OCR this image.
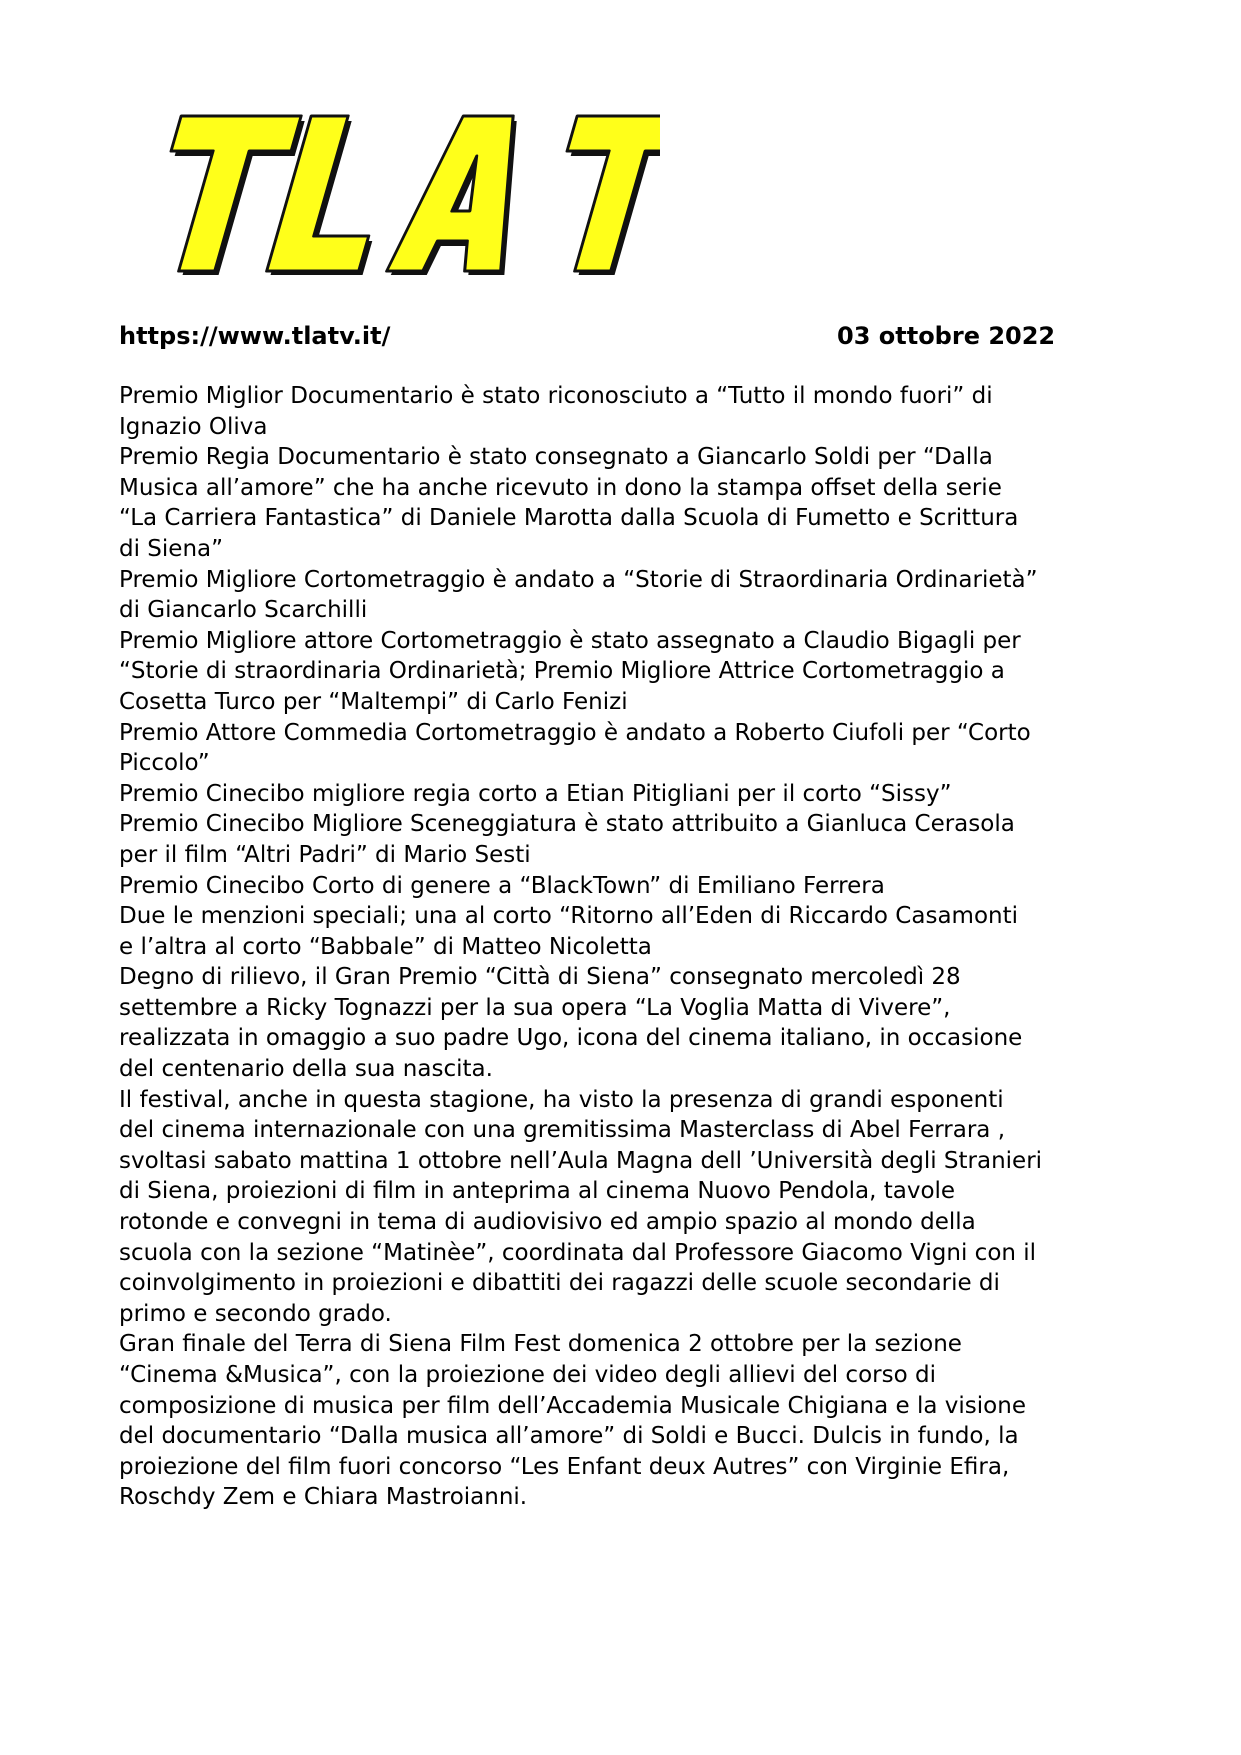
https://www.tlatv.it/	03 ottobre 2022
Premio Miglior Documentario è stato riconosciuto a “Tutto il mondo fuori” di
Ignazio Oliva
Premio Regia Documentario è stato consegnato a Giancarlo Soldi per “Dalla
Musica all’amore” che ha anche ricevuto in dono la stampa offset della serie
“La Carriera Fantastica” di Daniele Marotta dalla Scuola di Fumetto e Scrittura
di Siena”
Premio Migliore Cortometraggio è andato a “Storie di Straordinaria Ordinarietà”
di Giancarlo Scarchilli
Premio Migliore attore Cortometraggio è stato assegnato a Claudio Bigagli per
“Storie di straordinaria Ordinarietà; Premio Migliore Attrice Cortometraggio a
Cosetta Turco per “Maltempi” di Carlo Fenizi
Premio Attore Commedia Cortometraggio è andato a Roberto Ciufoli per “Corto
Piccolo”
Premio Cinecibo migliore regia corto a Etian Pitigliani per il corto “Sissy”
Premio Cinecibo Migliore Sceneggiatura è stato attribuito a Gianluca Cerasola
per il film “Altri Padri” di Mario Sesti
Premio Cinecibo Corto di genere a “BlackTown” di Emiliano Ferrera
Due le menzioni speciali; una al corto “Ritorno all’Eden di Riccardo Casamonti
e l’altra al corto “Babbale” di Matteo Nicoletta
Degno di rilievo, il Gran Premio “Città di Siena” consegnato mercoledì 28
settembre a Ricky Tognazzi per la sua opera “La Voglia Matta di Vivere”,
realizzata in omaggio a suo padre Ugo, icona del cinema italiano, in occasione
del centenario della sua nascita.
Il festival, anche in questa stagione, ha visto la presenza di grandi esponenti
del cinema internazionale con una gremitissima Masterclass di Abel Ferrara ,
svoltasi sabato mattina 1 ottobre nell’Aula Magna dell ’Università degli Stranieri
di Siena, proiezioni di film in anteprima al cinema Nuovo Pendola, tavole
rotonde e convegni in tema di audiovisivo ed ampio spazio al mondo della
scuola con la sezione “Matinèe”, coordinata dal Professore Giacomo Vigni con il
coinvolgimento in proiezioni e dibattiti dei ragazzi delle scuole secondarie di
primo e secondo grado.
Gran finale del Terra di Siena Film Fest domenica 2 ottobre per la sezione
“Cinema &Musica”, con la proiezione dei video degli allievi del corso di
composizione di musica per film dell’Accademia Musicale Chigiana e la visione
del documentario “Dalla musica all’amore” di Soldi e Bucci. Dulcis in fundo, la
proiezione del film fuori concorso “Les Enfant deux Autres” con Virginie Efira,
Roschdy Zem e Chiara Mastroianni.
